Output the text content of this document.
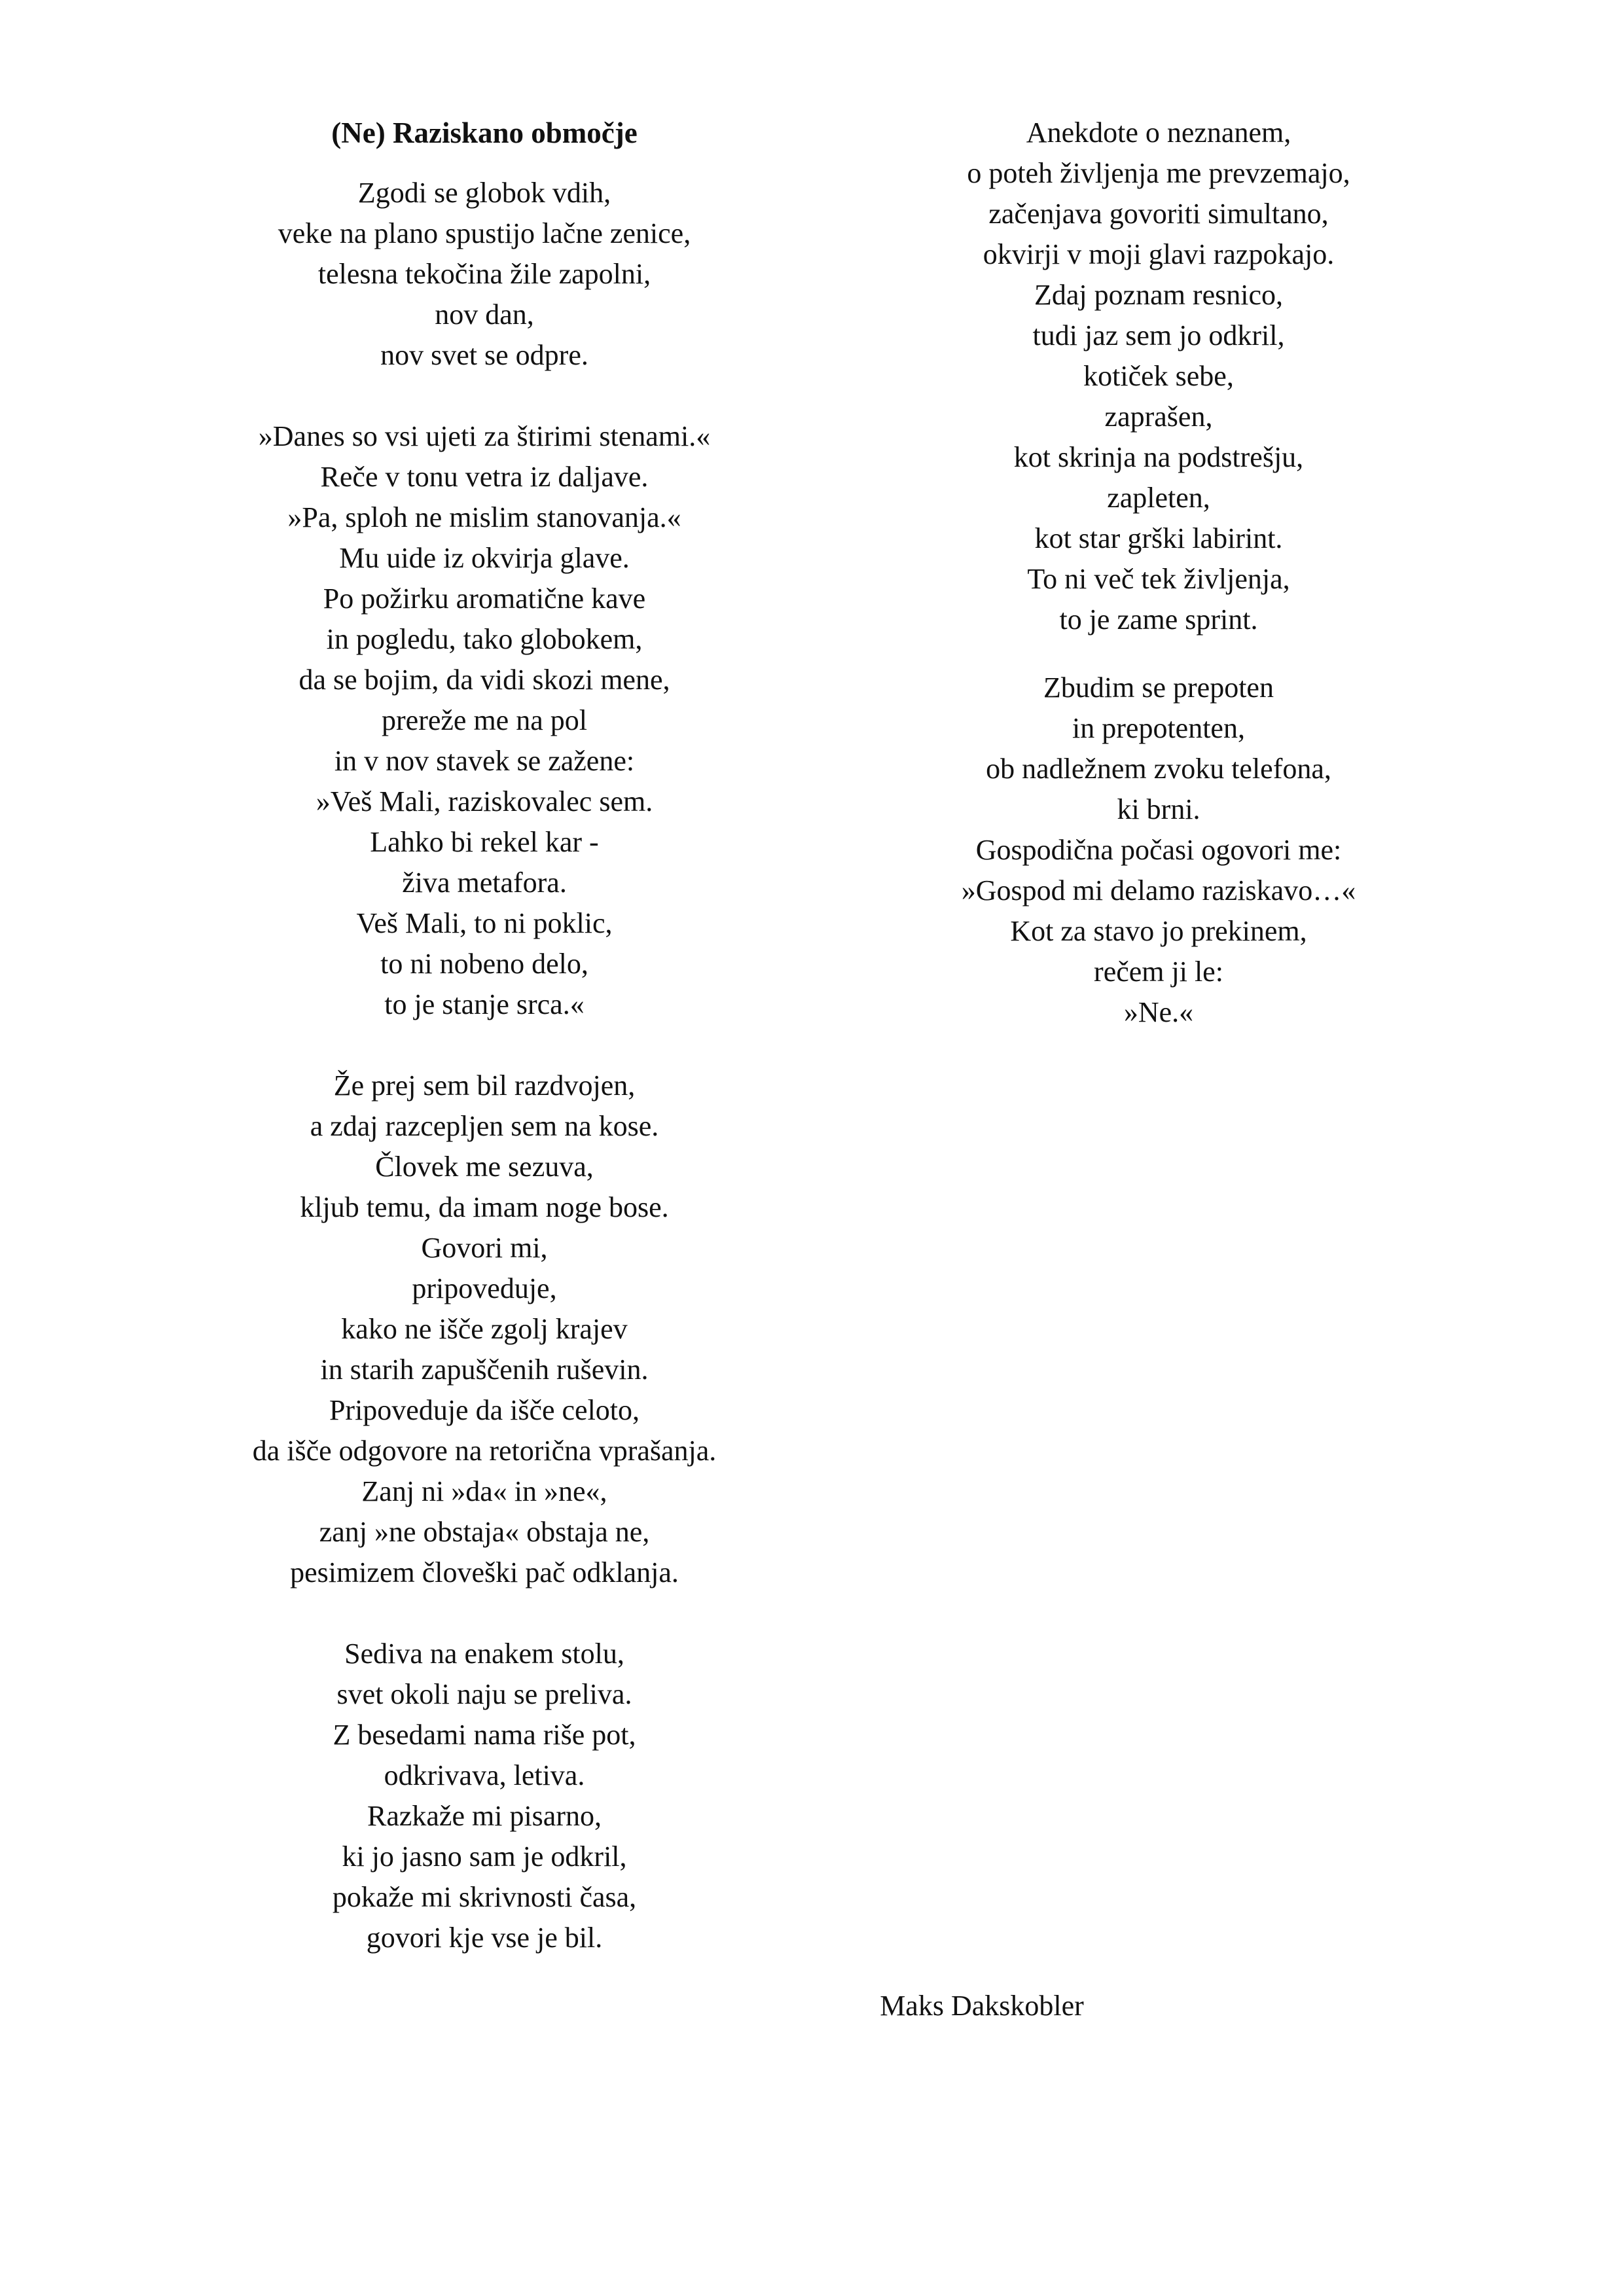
(Ne) Raziskano območje
Zgodi se globok vdih,
veke na plano spustijo lačne zenice,
telesna tekočina žile zapolni,
nov dan,
nov svet se odpre.
»Danes so vsi ujeti za štirimi stenami.«
Reče v tonu vetra iz daljave.
»Pa, sploh ne mislim stanovanja.«
Mu uide iz okvirja glave.
Po požirku aromatične kave
in pogledu, tako globokem,
da se bojim, da vidi skozi mene,
prereže me na pol
in v nov stavek se zažene:
»Veš Mali, raziskovalec sem.
Lahko bi rekel kar -
živa metafora.
Veš Mali, to ni poklic,
to ni nobeno delo,
to je stanje srca.«
Že prej sem bil razdvojen,
a zdaj razcepljen sem na kose.
Človek me sezuva,
kljub temu, da imam noge bose.
Govori mi,
pripoveduje,
kako ne išče zgolj krajev
in starih zapuščenih ruševin.
Pripoveduje da išče celoto,
da išče odgovore na retorična vprašanja.
Zanj ni »da« in »ne«,
zanj »ne obstaja« obstaja ne,
pesimizem človeški pač odklanja.
Sediva na enakem stolu,
svet okoli naju se preliva.
Z besedami nama riše pot,
odkrivava, letiva.
Razkaže mi pisarno,
ki jo jasno sam je odkril,
pokaže mi skrivnosti časa,
govori kje vse je bil.
Anekdote o neznanem,
o poteh življenja me prevzemajo,
začenjava govoriti simultano,
okvirji v moji glavi razpokajo.
Zdaj poznam resnico,
tudi jaz sem jo odkril,
kotiček sebe,
zaprašen,
kot skrinja na podstrešju,
zapleten,
kot star grški labirint.
To ni več tek življenja,
to je zame sprint.
Zbudim se prepoten
in prepotenten,
ob nadležnem zvoku telefona,
ki brni.
Gospodična počasi ogovori me:
»Gospod mi delamo raziskavo…«
Kot za stavo jo prekinem,
rečem ji le:
»Ne.«
Maks Dakskobler
